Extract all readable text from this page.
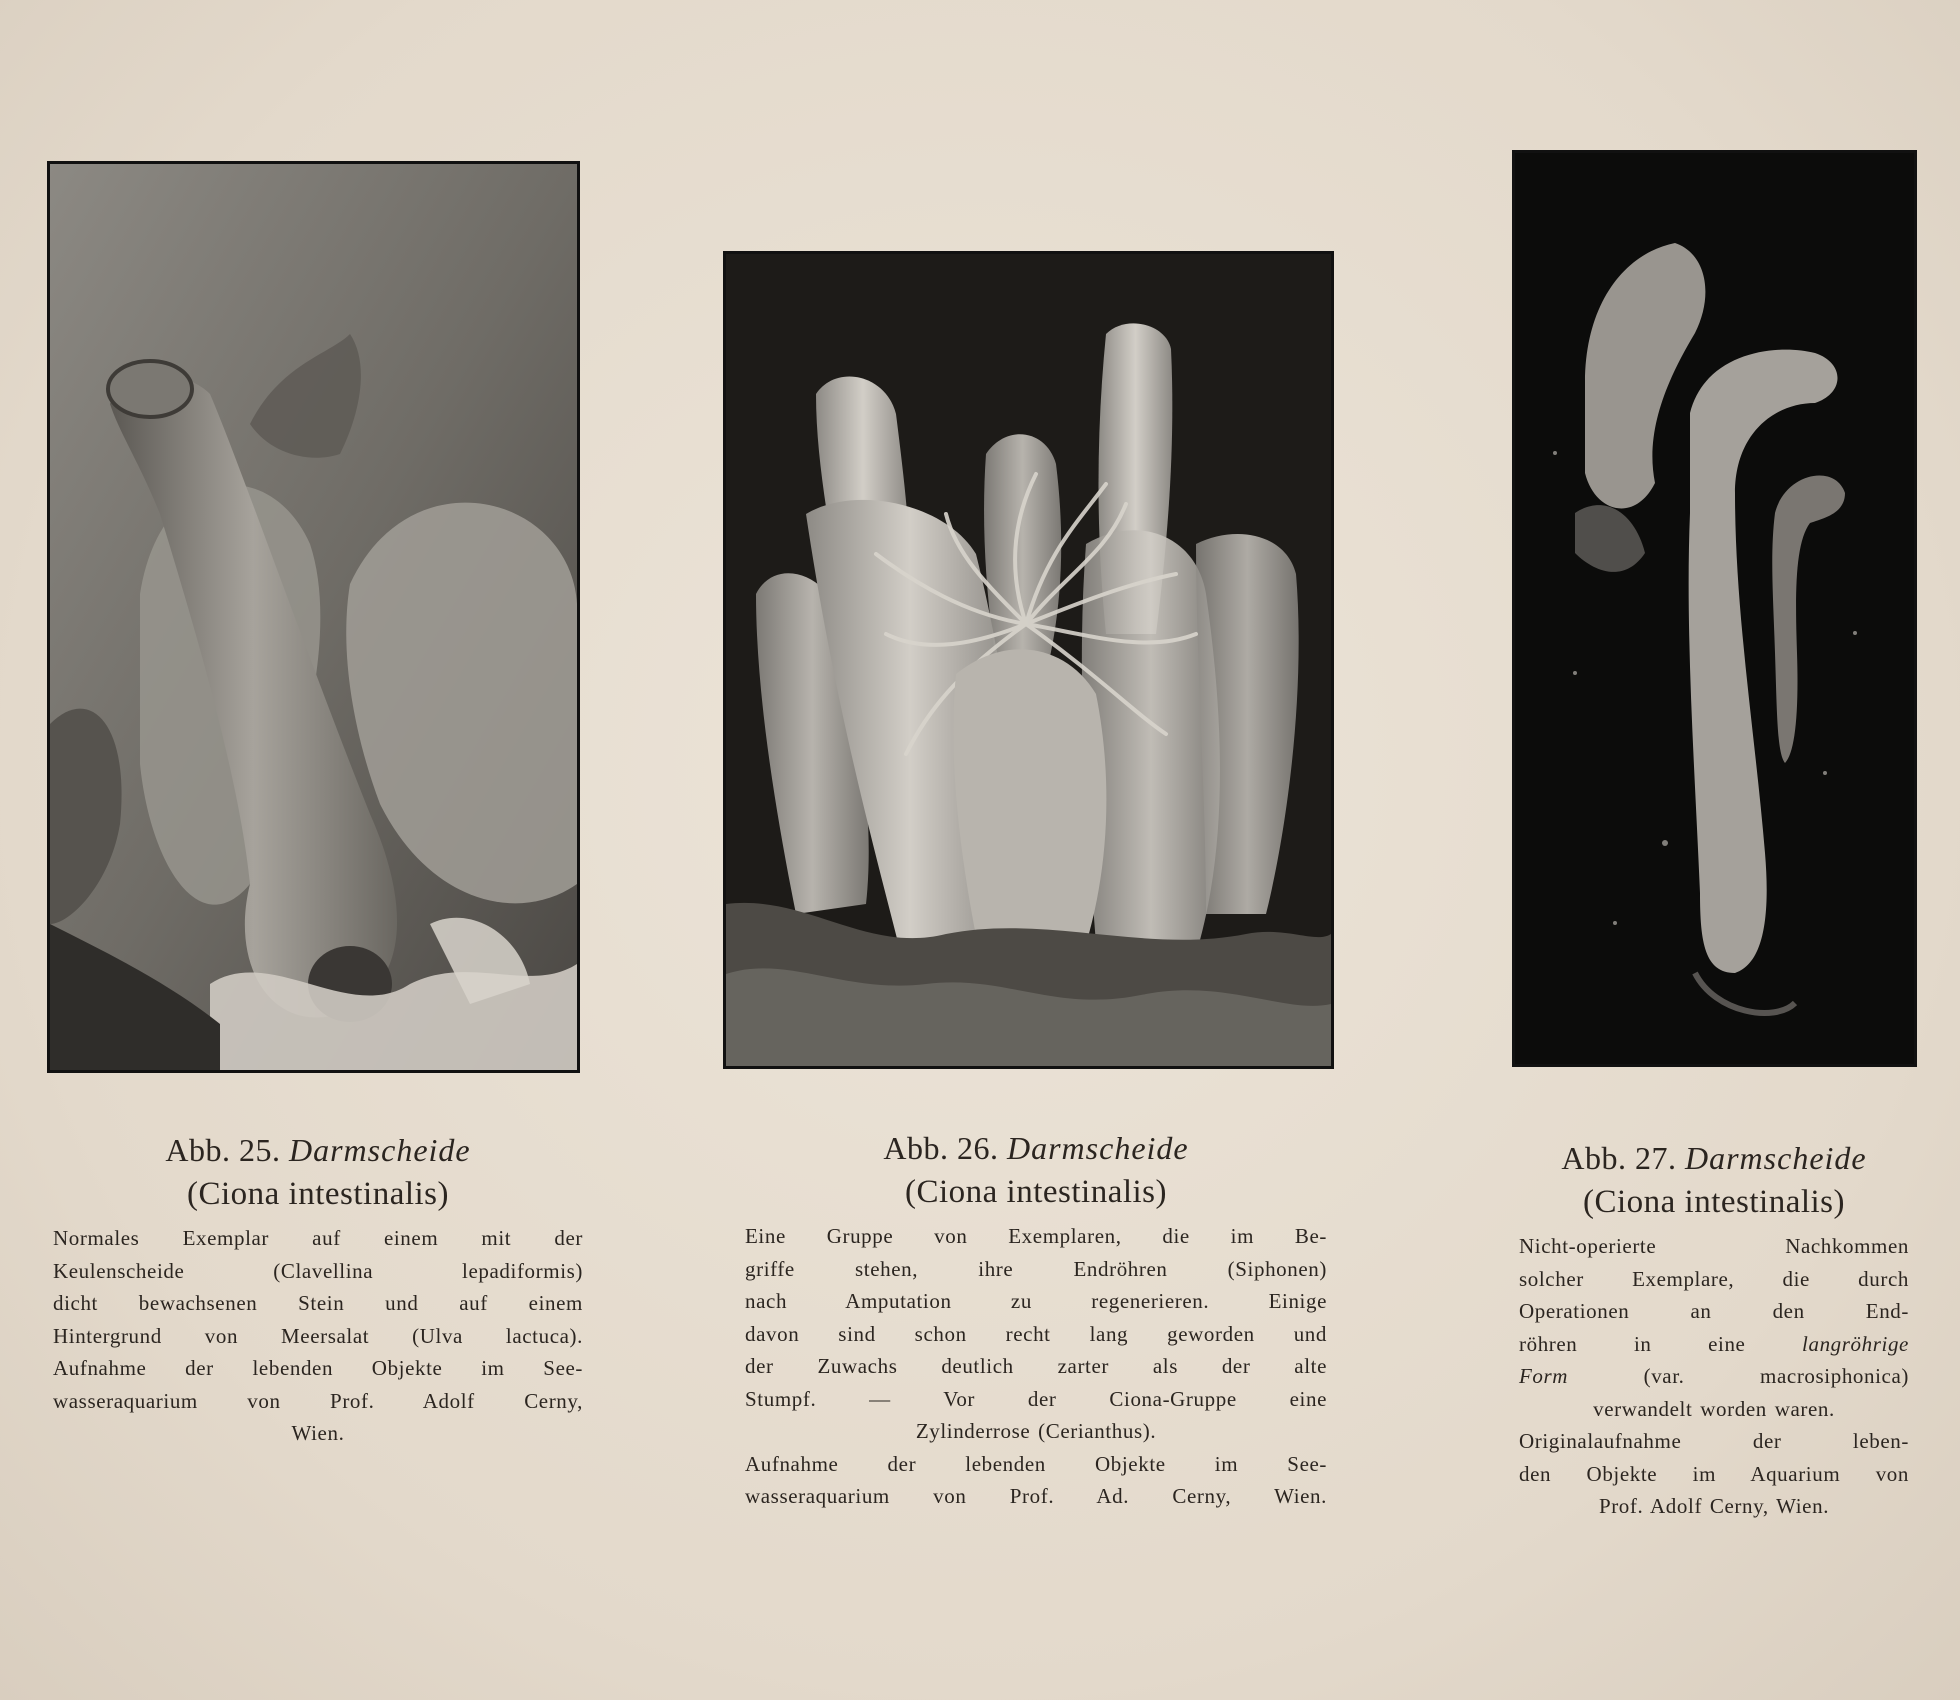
Abb. 25. Darmscheide

(Ciona intestinalis)

Normales Exemplar auf einem mit der
Keulenscheide (Clavellina lepadiformis)
dicht bewachsenen Stein und auf einem
Hintergrund von Meersalat (Ulva lactuca).

Aufnahme der lebenden Objekte im See-
wasseraquarium von Prof. Adolf Cerny,
Wien.

Abb. 26. Darmscheide

(Ciona intestinalis)

Eine Gruppe von Exemplaren, die im Be-
griffe stehen, ihre Endröhren (Siphonen)
nach Amputation zu regenerieren. Einige
davon sind schon recht lang geworden und
der Zuwachs deutlich zarter als der alte
Stumpf. — Vor der Ciona-Gruppe eine
Zylinderrose (Cerianthus).

Aufnahme der lebenden Objekte im See-
wasseraquarium von Prof. Ad. Cerny, Wien.

Abb. 27. Darmscheide

(Ciona intestinalis)

Nicht-operierte Nachkommen
solcher Exemplare, die durch
Operationen an den End-
röhren in eine	langröhrige
Form	(var. macrosiphonica)
verwandelt worden waren.

Originalaufnahme der leben-
den Objekte im Aquarium von
Prof. Adolf Cerny, Wien.
